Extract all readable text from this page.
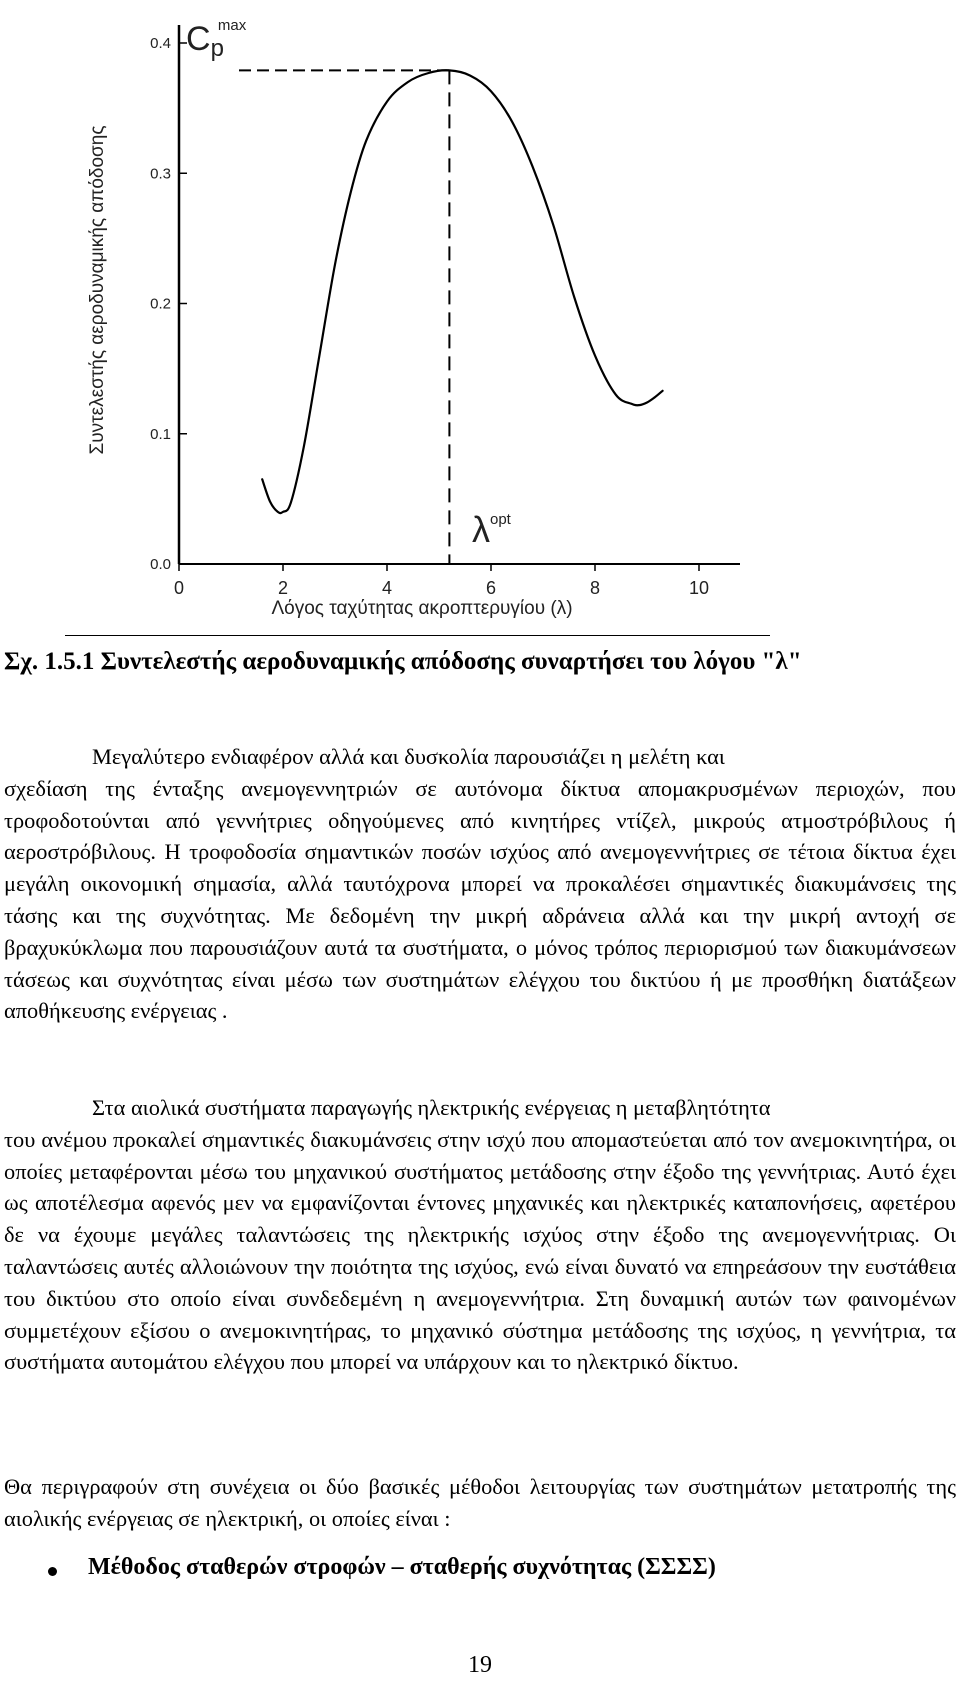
0	2	4	6	8	10
0.0
0.1
0.2
0.3
0.4 Cpmax
$\lambda^{opt}$
Λόγος ταχύτητας ακροπτερυγίου (λ)
Συντελεστής αεροδυναμικής απόδοσης
Σχ. 1.5.1 Συντελεστής αεροδυναμικής απόδοσης συναρτήσει του λόγου "λ"

Μεγαλύτερο ενδιαφέρον αλλά και δυσκολία παρουσιάζει η μελέτη και
σχεδίαση της ένταξης ανεμογεννητριών σε αυτόνομα δίκτυα απομακρυσμένων περιοχών, που τροφοδοτούνται από γεννήτριες οδηγούμενες από κινητήρες ντίζελ, μικρούς ατμοστρόβιλους ή αεροστρόβιλους. Η τροφοδοσία σημαντικών ποσών ισχύος από ανεμογεννήτριες σε τέτοια δίκτυα έχει μεγάλη οικονομική σημασία, αλλά ταυτόχρονα μπορεί να προκαλέσει σημαντικές διακυμάνσεις της τάσης και της συχνότητας. Με δεδομένη την μικρή αδράνεια αλλά και την μικρή αντοχή σε βραχυκύκλωμα που παρουσιάζουν αυτά τα συστήματα, ο μόνος τρόπος περιορισμού των διακυμάνσεων τάσεως και συχνότητας είναι μέσω των συστημάτων ελέγχου του δικτύου ή με προσθήκη διατάξεων αποθήκευσης ενέργειας .

Στα αιολικά συστήματα παραγωγής ηλεκτρικής ενέργειας η μεταβλητότητα
του ανέμου προκαλεί σημαντικές διακυμάνσεις στην ισχύ που απομαστεύεται από τον ανεμοκινητήρα, οι οποίες μεταφέρονται μέσω του μηχανικού συστήματος μετάδοσης στην έξοδο της γεννήτριας. Αυτό έχει ως αποτέλεσμα αφενός μεν να εμφανίζονται έντονες μηχανικές και ηλεκτρικές καταπονήσεις, αφετέρου δε να έχουμε μεγάλες ταλαντώσεις της ηλεκτρικής ισχύος στην έξοδο της ανεμογεννήτριας. Οι ταλαντώσεις αυτές αλλοιώνουν την ποιότητα της ισχύος, ενώ είναι δυνατό να επηρεάσουν την ευστάθεια του δικτύου στο οποίο είναι συνδεδεμένη η ανεμογεννήτρια. Στη δυναμική αυτών των φαινομένων συμμετέχουν εξίσου ο ανεμοκινητήρας, το μηχανικό σύστημα μετάδοσης της ισχύος, η γεννήτρια, τα συστήματα αυτομάτου ελέγχου που μπορεί να υπάρχουν και το ηλεκτρικό δίκτυο.

Θα περιγραφούν στη συνέχεια οι δύο βασικές μέθοδοι λειτουργίας των συστημάτων μετατροπής της αιολικής ενέργειας σε ηλεκτρική, οι οποίες είναι :

Μέθοδος σταθερών στροφών – σταθερής συχνότητας (ΣΣΣΣ)
19
